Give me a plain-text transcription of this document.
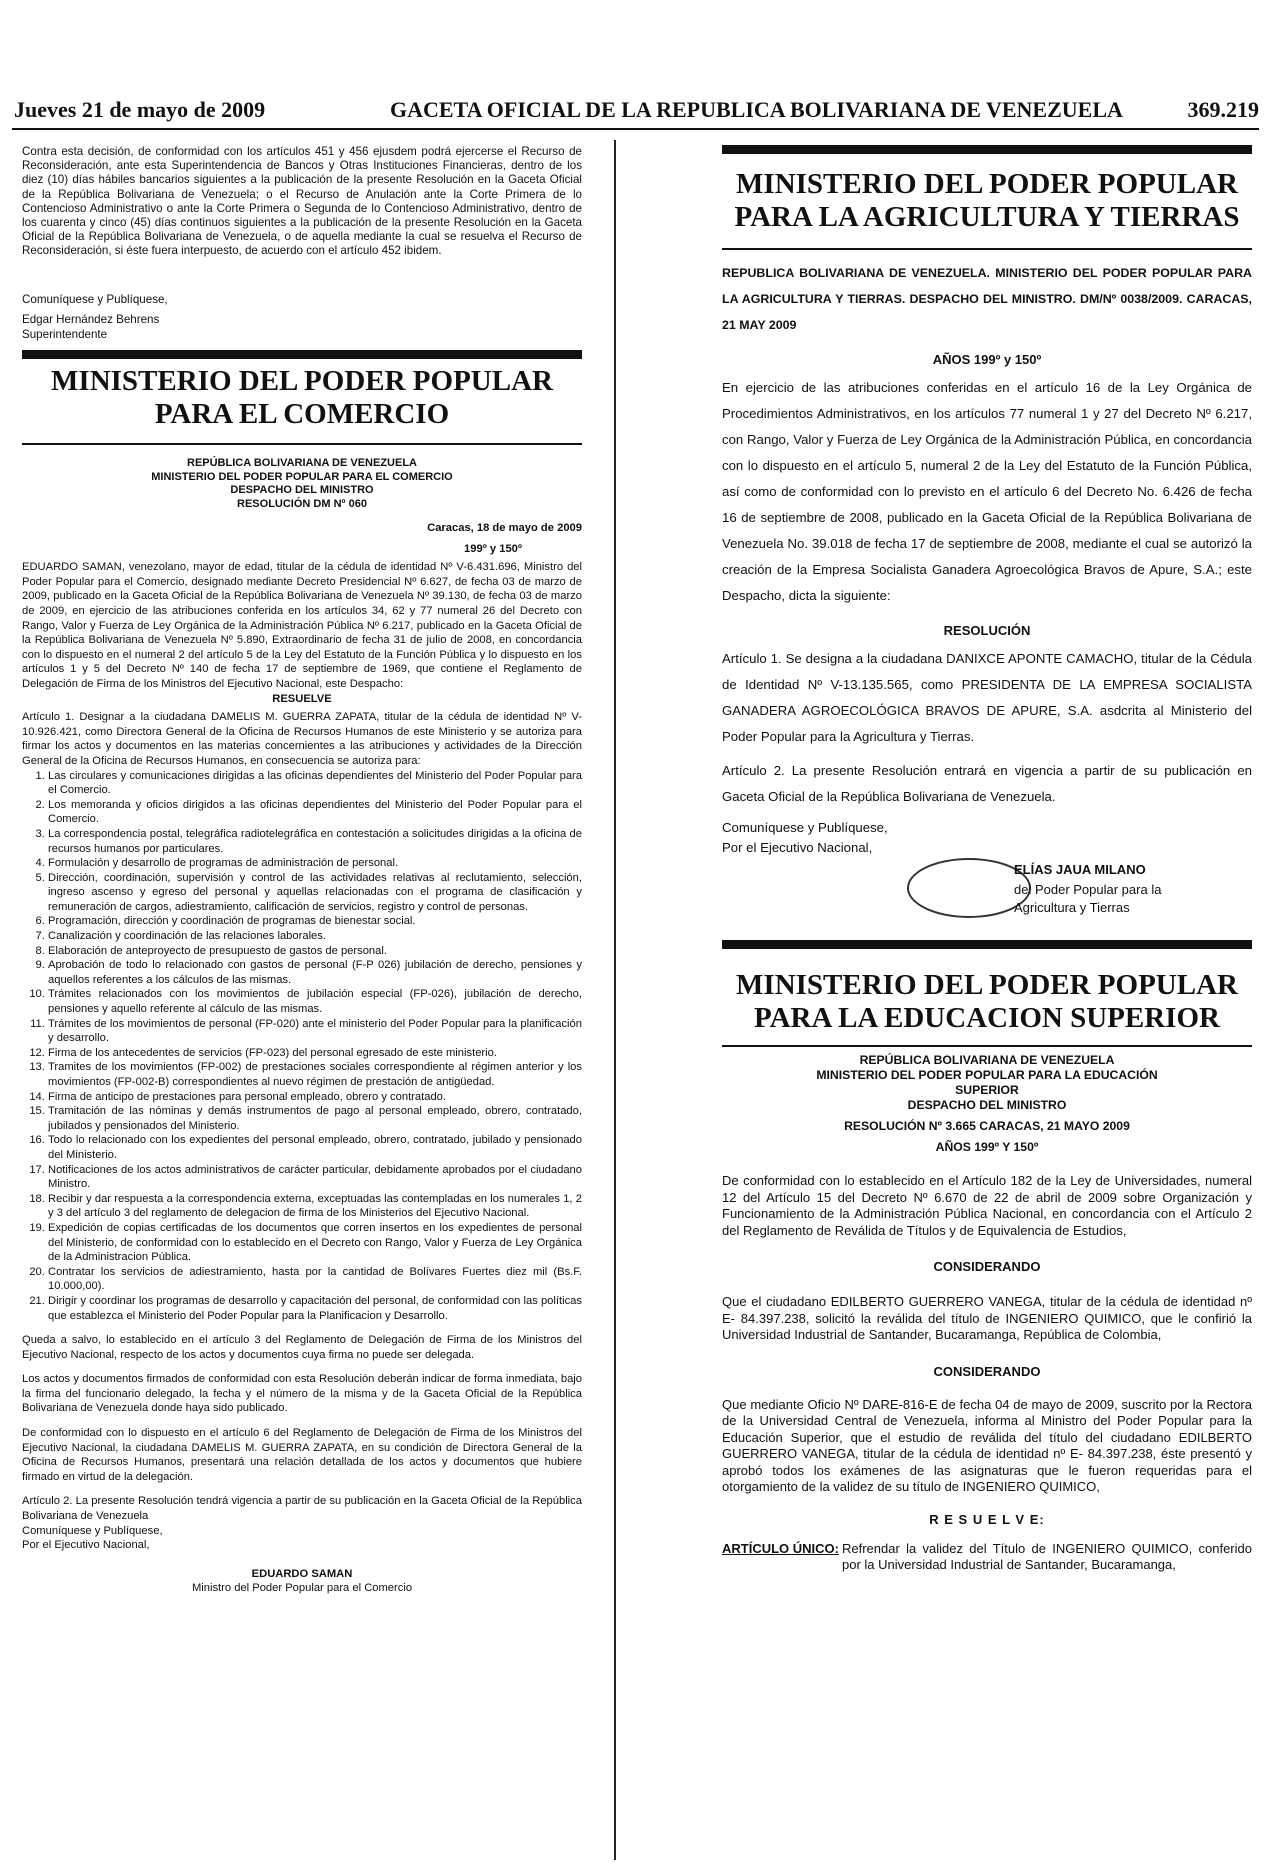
Jueves 21 de mayo de 2009	GACETA OFICIAL DE LA REPUBLICA BOLIVARIANA DE VENEZUELA	369.219
Contra esta decisión, de conformidad con los artículos 451 y 456 ejusdem podrá ejercerse el Recurso de Reconsideración, ante esta Superintendencia de Bancos y Otras Instituciones Financieras, dentro de los diez (10) días hábiles bancarios siguientes a la publicación de la presente Resolución en la Gaceta Oficial de la República Bolivariana de Venezuela; o el Recurso de Anulación ante la Corte Primera de lo Contencioso Administrativo o ante la Corte Primera o Segunda de lo Contencioso Administrativo, dentro de los cuarenta y cinco (45) días continuos siguientes a la publicación de la presente Resolución en la Gaceta Oficial de la República Bolivariana de Venezuela, o de aquella mediante la cual se resuelva el Recurso de Reconsideración, si éste fuera interpuesto, de acuerdo con el artículo 452 ibidem.
Comuníquese y Publíquese,
Edgar Hernández Behrens
Superintendente
MINISTERIO DEL PODER POPULAR PARA EL COMERCIO
REPÚBLICA BOLIVARIANA DE VENEZUELA
MINISTERIO DEL PODER POPULAR PARA EL COMERCIO
DESPACHO DEL MINISTRO
RESOLUCIÓN DM Nº 060
Caracas, 18 de mayo de 2009
199º y 150º
EDUARDO SAMAN, venezolano, mayor de edad, titular de la cédula de identidad Nº V-6.431.696, Ministro del Poder Popular para el Comercio, designado mediante Decreto Presidencial Nº 6.627, de fecha 03 de marzo de 2009, publicado en la Gaceta Oficial de la República Bolivariana de Venezuela Nº 39.130, de fecha 03 de marzo de 2009, en ejercicio de las atribuciones conferida en los artículos 34, 62 y 77 numeral 26 del Decreto con Rango, Valor y Fuerza de Ley Orgánica de la Administración Pública Nº 6.217, publicado en la Gaceta Oficial de la República Bolivariana de Venezuela Nº 5.890, Extraordinario de fecha 31 de julio de 2008, en concordancia con lo dispuesto en el numeral 2 del artículo 5 de la Ley del Estatuto de la Función Pública y lo dispuesto en los artículos 1 y 5 del Decreto Nº 140 de fecha 17 de septiembre de 1969, que contiene el Reglamento de Delegación de Firma de los Ministros del Ejecutivo Nacional, este Despacho:
RESUELVE
Artículo 1. Designar a la ciudadana DAMELIS M. GUERRA ZAPATA, titular de la cédula de identidad Nº V-10.926.421, como Directora General de la Oficina de Recursos Humanos de este Ministerio y se autoriza para firmar los actos y documentos en las materias concernientes a las atribuciones y actividades de la Dirección General de la Oficina de Recursos Humanos, en consecuencia se autoriza para:
1. Las circulares y comunicaciones dirigidas a las oficinas dependientes del Ministerio del Poder Popular para el Comercio.
2. Los memoranda y oficios dirigidos a las oficinas dependientes del Ministerio del Poder Popular para el Comercio.
3. La correspondencia postal, telegráfica radiotelegráfica en contestación a solicitudes dirigidas a la oficina de recursos humanos por particulares.
4. Formulación y desarrollo de programas de administración de personal.
5. Dirección, coordinación, supervisión y control de las actividades relativas al reclutamiento, selección, ingreso ascenso y egreso del personal y aquellas relacionadas con el programa de clasificación y remuneración de cargos, adiestramiento, calificación de servicios, registro y control de personas.
6. Programación, dirección y coordinación de programas de bienestar social.
7. Canalización y coordinación de las relaciones laborales.
8. Elaboración de anteproyecto de presupuesto de gastos de personal.
9. Aprobación de todo lo relacionado con gastos de personal (F-P 026) jubilación de derecho, pensiones y aquellos referentes a los cálculos de las mismas.
10. Trámites relacionados con los movimientos de jubilación especial (FP-026), jubilación de derecho, pensiones y aquello referente al cálculo de las mismas.
11. Trámites de los movimientos de personal (FP-020) ante el ministerio del Poder Popular para la planificación y desarrollo.
12. Firma de los antecedentes de servicios (FP-023) del personal egresado de este ministerio.
13. Tramites de los movimientos (FP-002) de prestaciones sociales correspondiente al régimen anterior y los movimientos (FP-002-B) correspondientes al nuevo régimen de prestación de antigüedad.
14. Firma de anticipo de prestaciones para personal empleado, obrero y contratado.
15. Tramitación de las nóminas y demás instrumentos de pago al personal empleado, obrero, contratado, jubilados y pensionados del Ministerio.
16. Todo lo relacionado con los expedientes del personal empleado, obrero, contratado, jubilado y pensionado del Ministerio.
17. Notificaciones de los actos administrativos de carácter particular, debidamente aprobados por el ciudadano Ministro.
18. Recibir y dar respuesta a la correspondencia externa, exceptuadas las contempladas en los numerales 1, 2 y 3 del artículo 3 del reglamento de delegacion de firma de los Ministerios del Ejecutivo Nacional.
19. Expedición de copias certificadas de los documentos que corren insertos en los expedientes de personal del Ministerio, de conformidad con lo establecido en el Decreto con Rango, Valor y Fuerza de Ley Orgánica de la Administracion Pública.
20. Contratar los servicios de adiestramiento, hasta por la cantidad de Bolívares Fuertes diez mil (Bs.F. 10.000,00).
21. Dirigir y coordinar los programas de desarrollo y capacitación del personal, de conformidad con las políticas que establezca el Ministerio del Poder Popular para la Planificacion y Desarrollo.
Queda a salvo, lo establecido en el artículo 3 del Reglamento de Delegación de Firma de los Ministros del Ejecutivo Nacional, respecto de los actos y documentos cuya firma no puede ser delegada.
Los actos y documentos firmados de conformidad con esta Resolución deberán indicar de forma inmediata, bajo la firma del funcionario delegado, la fecha y el número de la misma y de la Gaceta Oficial de la República Bolivariana de Venezuela donde haya sido publicado.
De conformidad con lo dispuesto en el artículo 6 del Reglamento de Delegación de Firma de los Ministros del Ejecutivo Nacional, la ciudadana DAMELIS M. GUERRA ZAPATA, en su condición de Directora General de la Oficina de Recursos Humanos, presentará una relación detallada de los actos y documentos que hubiere firmado en virtud de la delegación.
Artículo 2. La presente Resolución tendrá vigencia a partir de su publicación en la Gaceta Oficial de la República Bolivariana de Venezuela
Comuníquese y Publíquese,
Por el Ejecutivo Nacional,
EDUARDO SAMAN
Ministro del Poder Popular para el Comercio
MINISTERIO DEL PODER POPULAR PARA LA AGRICULTURA Y TIERRAS
REPUBLICA BOLIVARIANA DE VENEZUELA. MINISTERIO DEL PODER POPULAR PARA LA AGRICULTURA Y TIERRAS. DESPACHO DEL MINISTRO. DM/Nº 0038/2009. CARACAS, 21 MAY 2009
AÑOS 199º y 150º
En ejercicio de las atribuciones conferidas en el artículo 16 de la Ley Orgánica de Procedimientos Administrativos, en los artículos 77 numeral 1 y 27 del Decreto Nº 6.217, con Rango, Valor y Fuerza de Ley Orgánica de la Administración Pública, en concordancia con lo dispuesto en el artículo 5, numeral 2 de la Ley del Estatuto de la Función Pública, así como de conformidad con lo previsto en el artículo 6 del Decreto No. 6.426 de fecha 16 de septiembre de 2008, publicado en la Gaceta Oficial de la República Bolivariana de Venezuela No. 39.018 de fecha 17 de septiembre de 2008, mediante el cual se autorizó la creación de la Empresa Socialista Ganadera Agroecológica Bravos de Apure, S.A.; este Despacho, dicta la siguiente:
RESOLUCIÓN
Artículo 1. Se designa a la ciudadana DANIXCE APONTE CAMACHO, titular de la Cédula de Identidad Nº V-13.135.565, como PRESIDENTA DE LA EMPRESA SOCIALISTA GANADERA AGROECOLÓGICA BRAVOS DE APURE, S.A. asdcrita al Ministerio del Poder Popular para la Agricultura y Tierras.
Artículo 2. La presente Resolución entrará en vigencia a partir de su publicación en Gaceta Oficial de la República Bolivariana de Venezuela.
Comuníquese y Publíquese,
Por el Ejecutivo Nacional,
ELÍAS JAUA MILANO
del Poder Popular para la
Agricultura y Tierras
MINISTERIO DEL PODER POPULAR PARA LA EDUCACION SUPERIOR
REPÚBLICA BOLIVARIANA DE VENEZUELA
MINISTERIO DEL PODER POPULAR PARA LA EDUCACIÓN
SUPERIOR
DESPACHO DEL MINISTRO
RESOLUCIÓN Nº 3.665 CARACAS, 21 MAYO 2009
AÑOS 199º Y 150º
De conformidad con lo establecido en el Artículo 182 de la Ley de Universidades, numeral 12 del Artículo 15 del Decreto Nº 6.670 de 22 de abril de 2009 sobre Organización y Funcionamiento de la Administración Pública Nacional, en concordancia con el Artículo 2 del Reglamento de Reválida de Títulos y de Equivalencia de Estudios,
CONSIDERANDO
Que el ciudadano EDILBERTO GUERRERO VANEGA, titular de la cédula de identidad nº E- 84.397.238, solicitó la reválida del título de INGENIERO QUIMICO, que le confirió la Universidad Industrial de Santander, Bucaramanga, República de Colombia,
CONSIDERANDO
Que mediante Oficio Nº DARE-816-E de fecha 04 de mayo de 2009, suscrito por la Rectora de la Universidad Central de Venezuela, informa al Ministro del Poder Popular para la Educación Superior, que el estudio de reválida del título del ciudadano EDILBERTO GUERRERO VANEGA, titular de la cédula de identidad nº E- 84.397.238, éste presentó y aprobó todos los exámenes de las asignaturas que le fueron requeridas para el otorgamiento de la validez de su título de INGENIERO QUIMICO,
R E S U E L V E:
ARTÍCULO ÚNICO: Refrendar la validez del Título de INGENIERO QUIMICO, conferido por la Universidad Industrial de Santander, Bucaramanga,
